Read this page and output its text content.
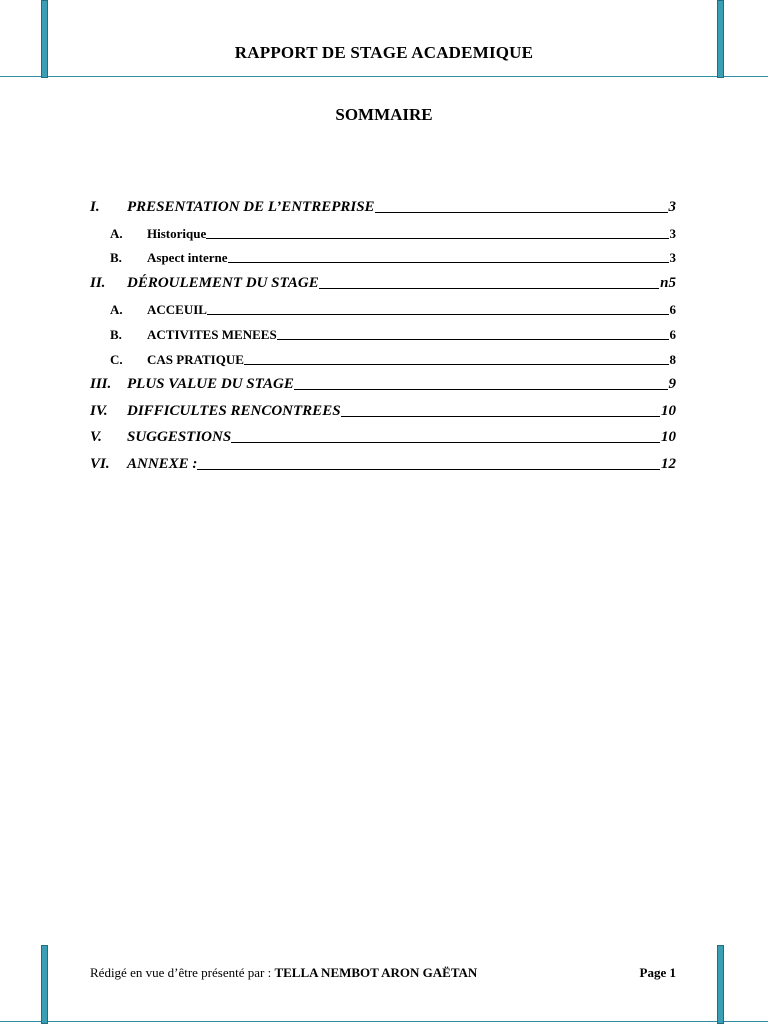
RAPPORT DE STAGE ACADEMIQUE
SOMMAIRE
I.	PRESENTATION DE L’ENTREPRISE	3
A.	Historique	3
B.	Aspect interne	3
II.	DÉROULEMENT DU STAGE	n5
A.	ACCEUIL	6
B.	ACTIVITES MENEES	6
C.	CAS PRATIQUE	8
III.	PLUS VALUE DU STAGE	9
IV.	DIFFICULTES RENCONTREES	10
V.	SUGGESTIONS	10
VI.	ANNEXE :	12
Rédigé en vue d’être présenté par : TELLA NEMBOT ARON GAËTAN	Page 1
